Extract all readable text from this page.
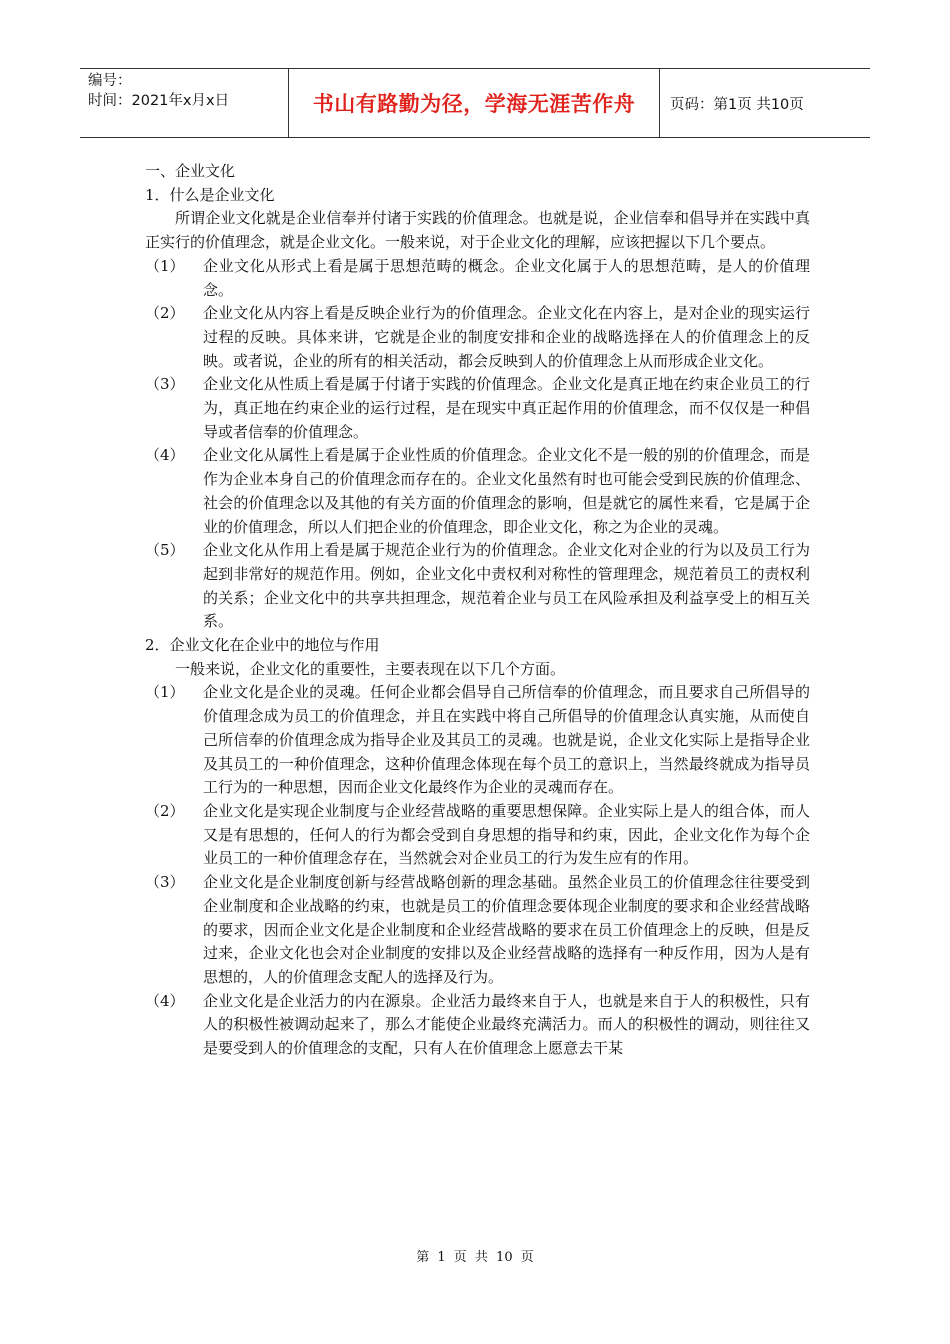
编号：
时间：2021年x月x日	书山有路勤为径，学海无涯苦作舟 页码：第1页 共10页
一、企业文化
1．什么是企业文化
所谓企业文化就是企业信奉并付诸于实践的价值理念。也就是说，企业信奉和倡导并在实践中真正实行的价值理念，就是企业文化。一般来说，对于企业文化的理解，应该把握以下几个要点。
（1）	企业文化从形式上看是属于思想范畴的概念。企业文化属于人的思想范畴，是人的价值理念。
（2）	企业文化从内容上看是反映企业行为的价值理念。企业文化在内容上，是对企业的现实运行过程的反映。具体来讲，它就是企业的制度安排和企业的战略选择在人的价值理念上的反映。或者说，企业的所有的相关活动，都会反映到人的价值理念上从而形成企业文化。
（3）	企业文化从性质上看是属于付诸于实践的价值理念。企业文化是真正地在约束企业员工的行为，真正地在约束企业的运行过程，是在现实中真正起作用的价值理念，而不仅仅是一种倡导或者信奉的价值理念。
（4）	企业文化从属性上看是属于企业性质的价值理念。企业文化不是一般的别的价值理念，而是作为企业本身自己的价值理念而存在的。企业文化虽然有时也可能会受到民族的价值理念、社会的价值理念以及其他的有关方面的价值理念的影响，但是就它的属性来看，它是属于企业的价值理念，所以人们把企业的价值理念，即企业文化，称之为企业的灵魂。
（5）	企业文化从作用上看是属于规范企业行为的价值理念。企业文化对企业的行为以及员工行为起到非常好的规范作用。例如，企业文化中责权利对称性的管理理念，规范着员工的责权利的关系；企业文化中的共享共担理念，规范着企业与员工在风险承担及利益享受上的相互关系。
2．企业文化在企业中的地位与作用
一般来说，企业文化的重要性，主要表现在以下几个方面。
（1）	企业文化是企业的灵魂。任何企业都会倡导自己所信奉的价值理念，而且要求自己所倡导的价值理念成为员工的价值理念，并且在实践中将自己所倡导的价值理念认真实施，从而使自己所信奉的价值理念成为指导企业及其员工的灵魂。也就是说，企业文化实际上是指导企业及其员工的一种价值理念，这种价值理念体现在每个员工的意识上，当然最终就成为指导员工行为的一种思想，因而企业文化最终作为企业的灵魂而存在。
（2）	企业文化是实现企业制度与企业经营战略的重要思想保障。企业实际上是人的组合体，而人又是有思想的，任何人的行为都会受到自身思想的指导和约束，因此，企业文化作为每个企业员工的一种价值理念存在，当然就会对企业员工的行为发生应有的作用。
（3）	企业文化是企业制度创新与经营战略创新的理念基础。虽然企业员工的价值理念往往要受到企业制度和企业战略的约束，也就是员工的价值理念要体现企业制度的要求和企业经营战略的要求，因而企业文化是企业制度和企业经营战略的要求在员工价值理念上的反映，但是反过来，企业文化也会对企业制度的安排以及企业经营战略的选择有一种反作用，因为人是有思想的，人的价值理念支配人的选择及行为。
（4）	企业文化是企业活力的内在源泉。企业活力最终来自于人，也就是来自于人的积极性，只有人的积极性被调动起来了，那么才能使企业最终充满活力。而人的积极性的调动，则往往又是要受到人的价值理念的支配，只有人在价值理念上愿意去干某
第 1 页 共 10 页
